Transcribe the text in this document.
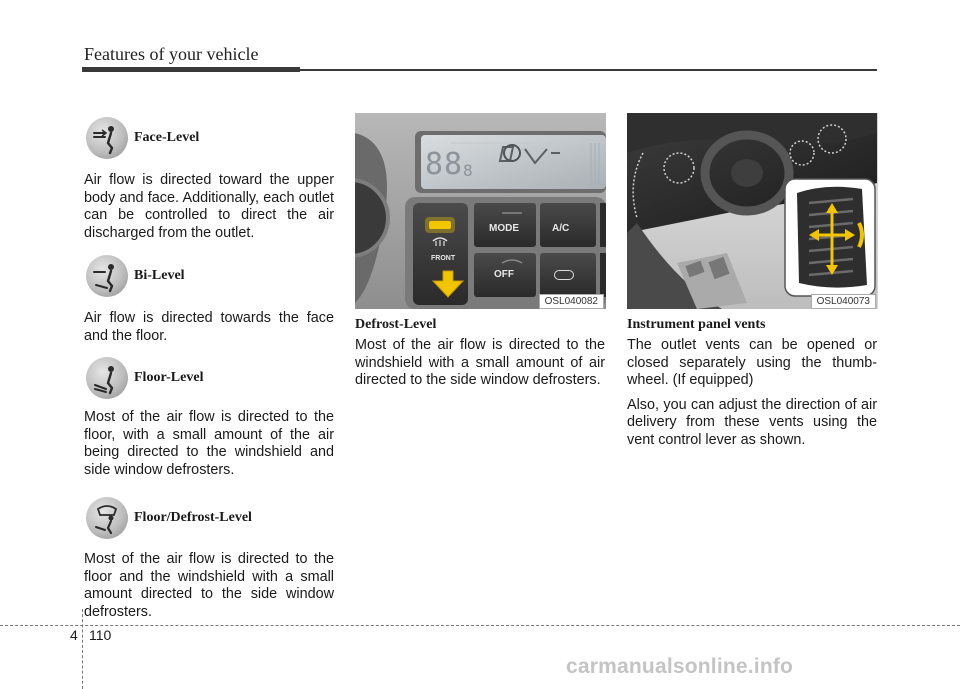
Features of your vehicle
Face-Level

Air flow is directed toward the upper body and face. Additionally, each outlet can be controlled to direct the air discharged from the outlet.

Bi-Level

Air flow is directed towards the face and the floor.

Floor-Level

Most of the air flow is directed to the floor, with a small amount of the air being directed to the windshield and side window defrosters.

Floor/Defrost-Level

Most of the air flow is directed to the floor and the windshield with a small amount directed to the side window defrosters.

88 8
FRONT
MODE	A/C
OFF
OSL040082	OSL040073
Defrost-Level

Most of the air flow is directed to the windshield with a small amount of air directed to the side window defrosters.

Instrument panel vents

The outlet vents can be opened or closed separately using the thumb-wheel. (If equipped)

Also, you can adjust the direction of air delivery from these vents using the vent control lever as shown.

4 110
carmanualsonline.info
